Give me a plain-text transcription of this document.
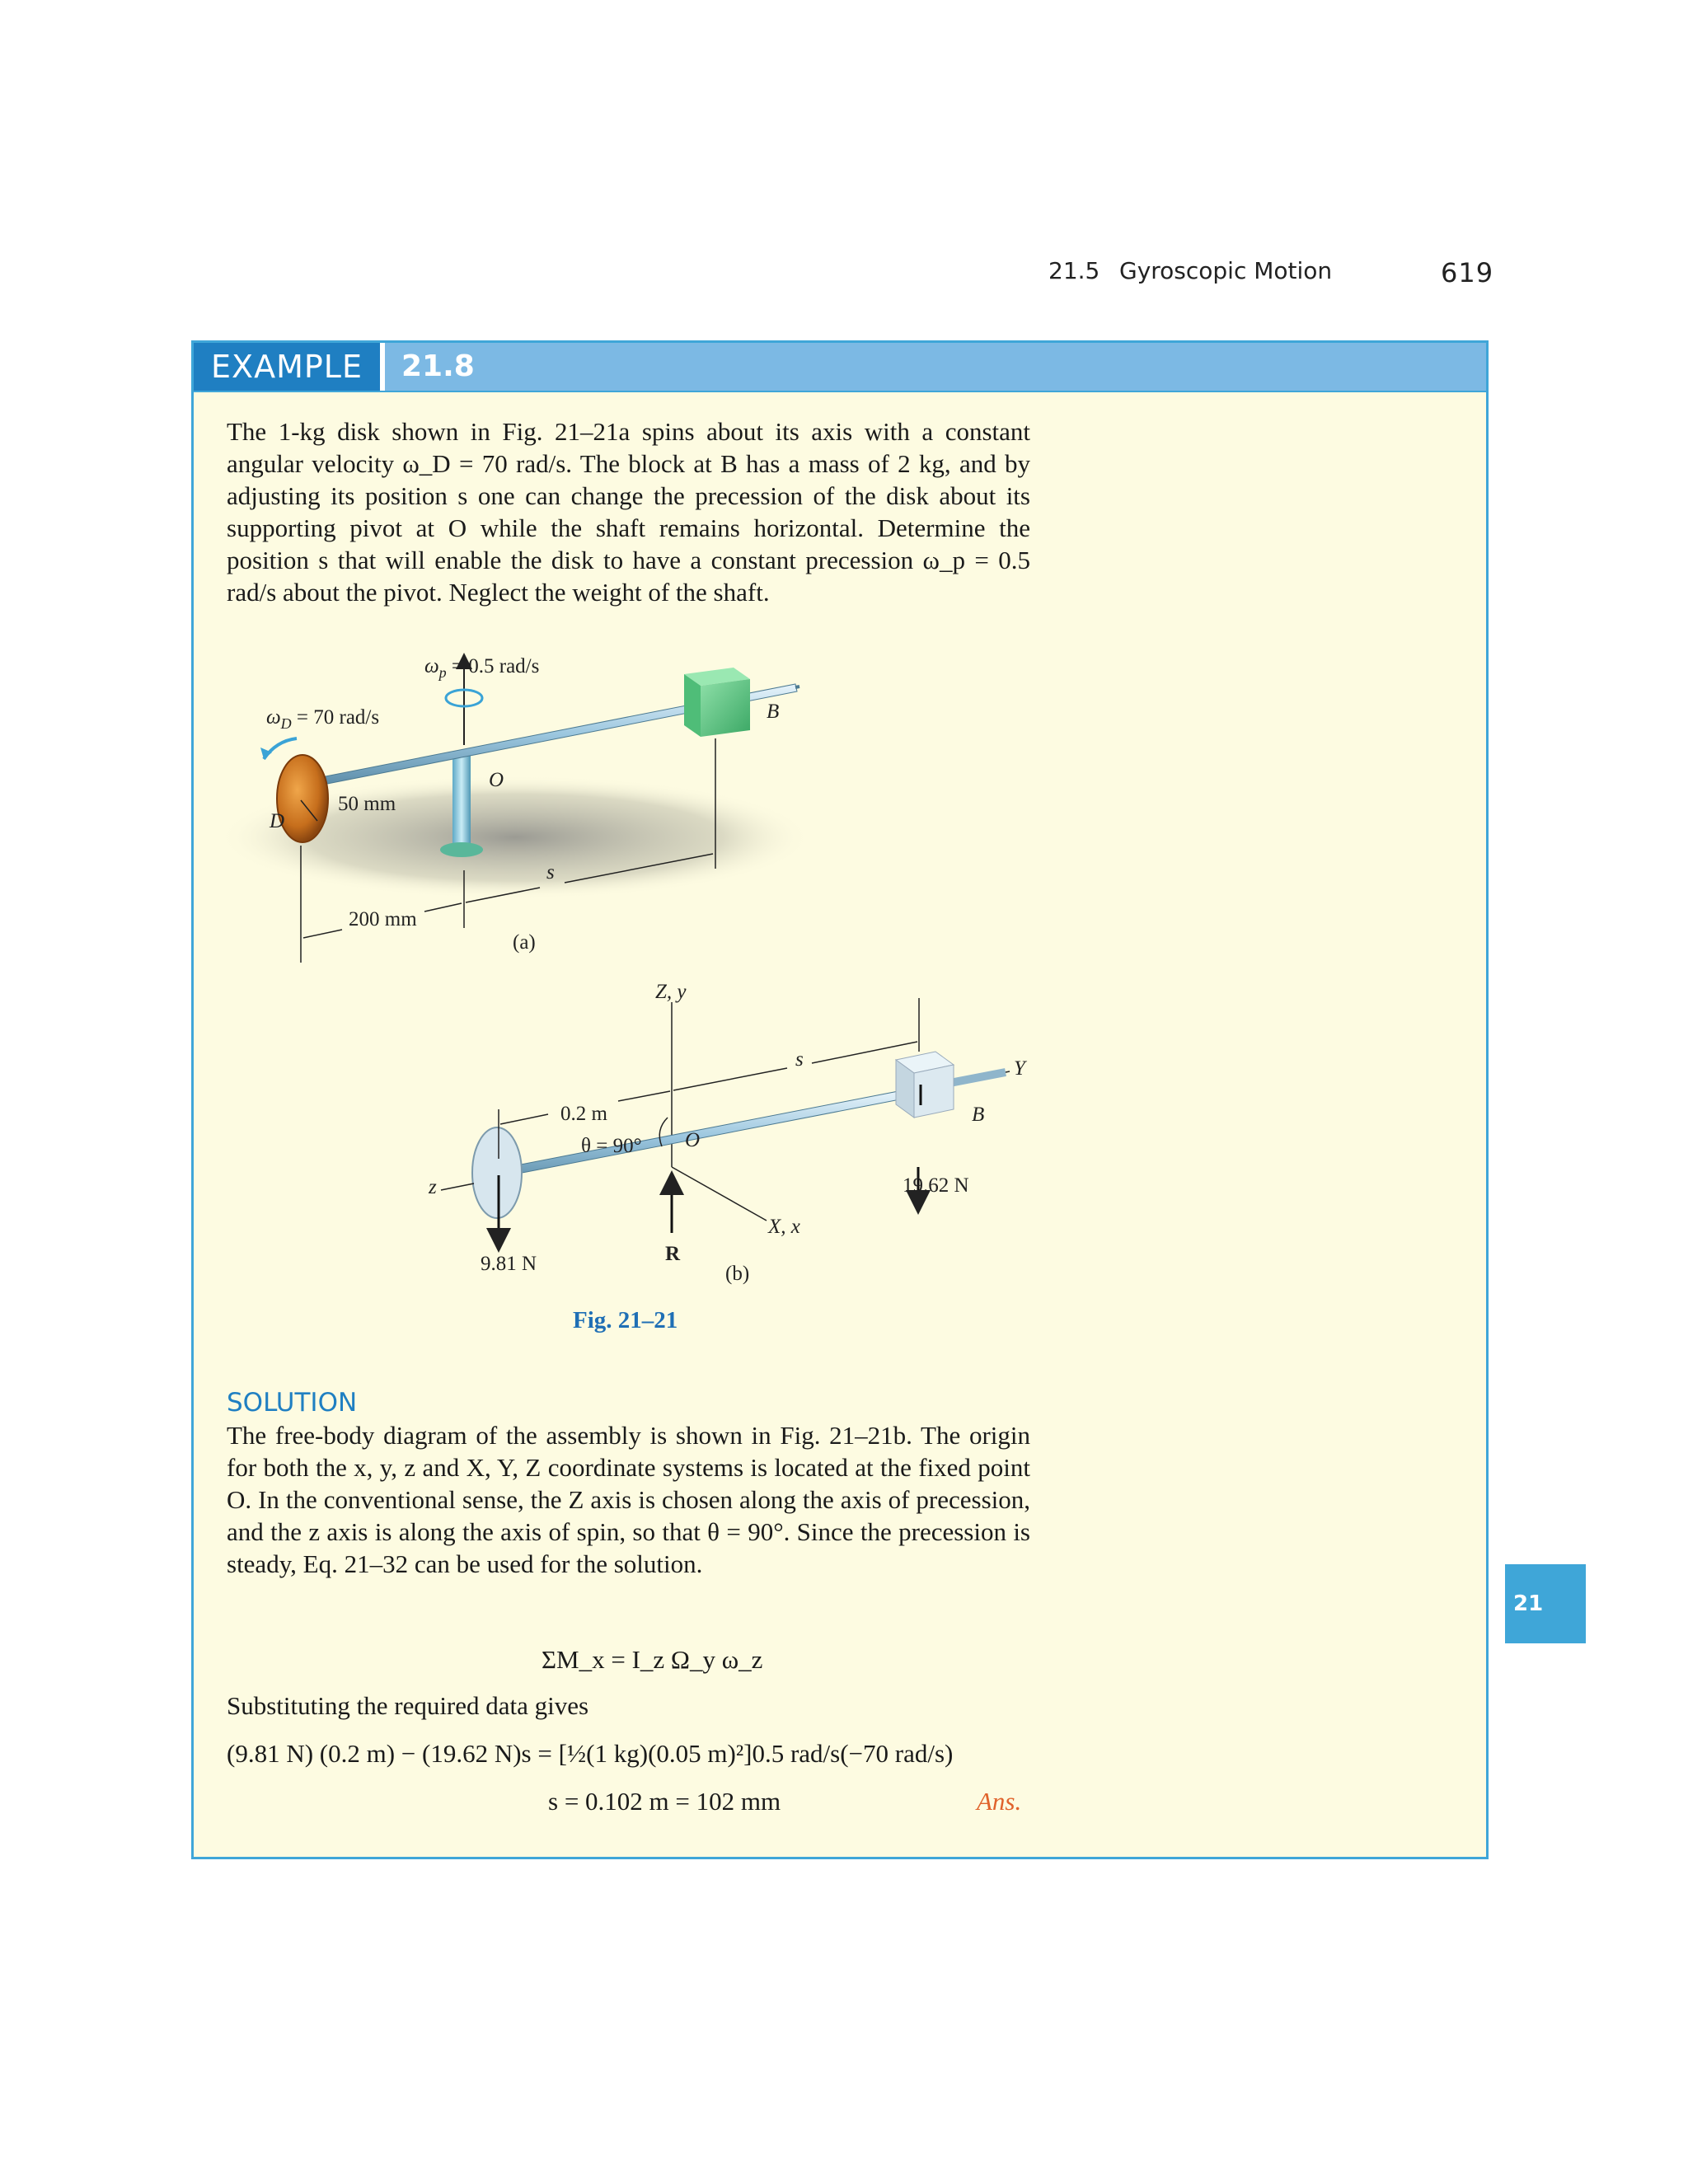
21.5 Gyroscopic Motion	619
EXAMPLE	21.8

The 1-kg disk shown in Fig. 21–21a spins about its axis with a constant angular velocity ω_D = 70 rad/s. The block at B has a mass of 2 kg, and by adjusting its position s one can change the precession of the disk about its supporting pivot at O while the shaft remains horizontal. Determine the position s that will enable the disk to have a constant precession ω_p = 0.5 rad/s about the pivot. Neglect the weight of the shaft.

$\omega_p = 0.5$ rad/s
$\omega_D = 70$ rad/s	B
O
D
50 mm
s
200 mm
(a)
Z, y
s
0.2 m
θ = 90° O
Y
B
19.62 N
X, x
z
R
9.81 N	(b)
Fig. 21–21
SOLUTION

The free-body diagram of the assembly is shown in Fig. 21–21b. The origin for both the x, y, z and X, Y, Z coordinate systems is located at the fixed point O. In the conventional sense, the Z axis is chosen along the axis of precession, and the z axis is along the axis of spin, so that θ = 90°. Since the precession is steady, Eq. 21–32 can be used for the solution.

ΣM_x = I_z Ω_y ω_z
Substituting the required data gives
(9.81 N) (0.2 m) − (19.62 N)s = [½(1 kg)(0.05 m)²]0.5 rad/s(−70 rad/s)
s = 0.102 m = 102 mm	Ans.
21
